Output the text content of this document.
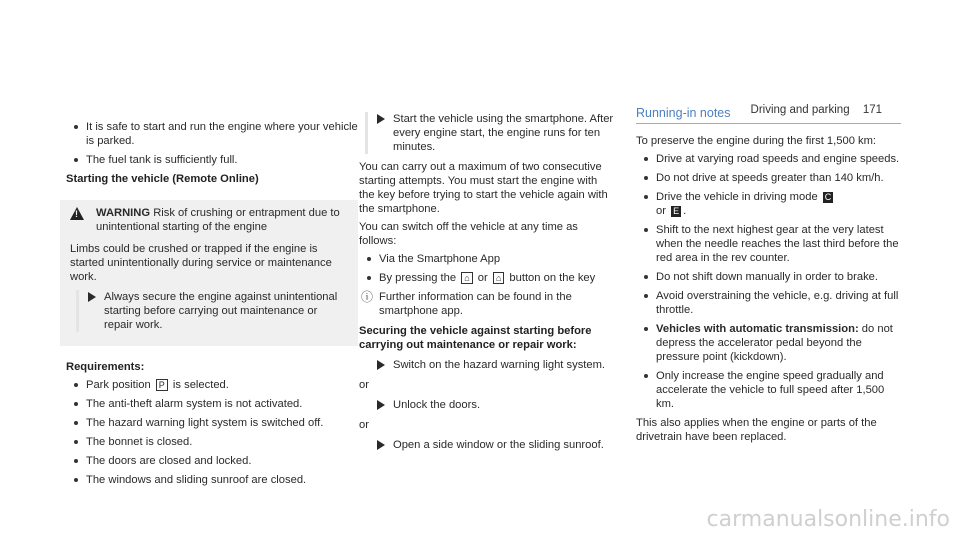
Driving and parking 171
It is safe to start and run the engine where your vehicle is parked.
The fuel tank is sufficiently full.
Starting the vehicle (Remote Online)
!
WARNING Risk of crushing or entrapment due to unintentional starting of the engine

Limbs could be crushed or trapped if the engine is started unintentionally during service or maintenance work.

Always secure the engine against unintentional starting before carrying out maintenance or repair work.
Requirements:
Park position P is selected.
The anti-theft alarm system is not activated.
The hazard warning light system is switched off.
The bonnet is closed.
The doors are closed and locked.
The windows and sliding sunroof are closed.
Start the vehicle using the smartphone. After every engine start, the engine runs for ten minutes.

You can carry out a maximum of two consecutive starting attempts. You must start the engine with the key before trying to start the vehicle again with the smartphone.

You can switch off the vehicle at any time as follows:

Via the Smartphone App
By pressing the ⌂ or ⌂ button on the key
ⓘ Further information can be found in the smartphone app.
Securing the vehicle against starting before carrying out maintenance or repair work:
Switch on the hazard warning light system.
or
Unlock the doors.
or
Open a side window or the sliding sunroof.
Running-in notes

To preserve the engine during the first 1,500 km:

Drive at varying road speeds and engine speeds.
Do not drive at speeds greater than 140 km/h.
Drive the vehicle in driving mode C
or E .
Shift to the next highest gear at the very latest when the needle reaches the last third before the red area in the rev counter.
Do not shift down manually in order to brake.
Avoid overstraining the vehicle, e.g. driving at full throttle.
Vehicles with automatic transmission: do not depress the accelerator pedal beyond the pressure point (kickdown).
Only increase the engine speed gradually and accelerate the vehicle to full speed after 1,500 km.

This also applies when the engine or parts of the drivetrain have been replaced.

carmanualsonline.info
